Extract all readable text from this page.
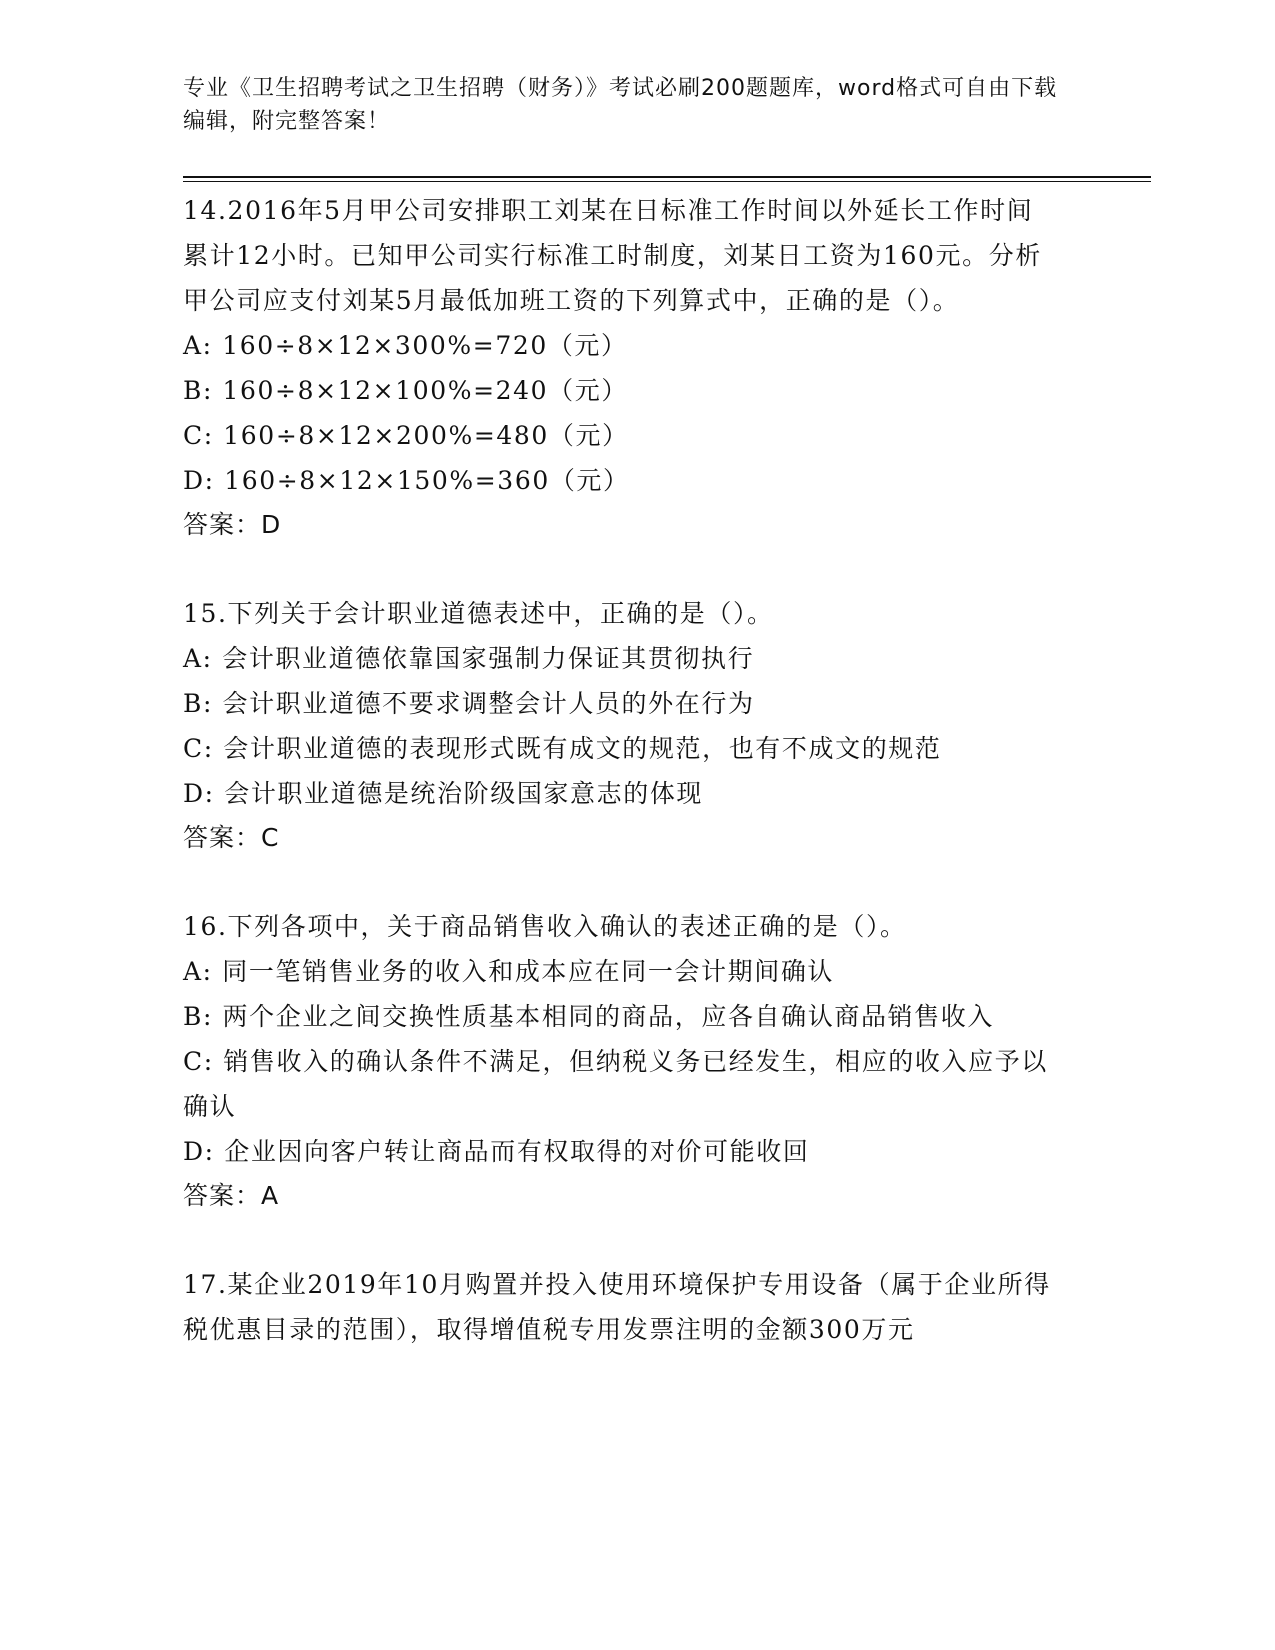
专业《卫生招聘考试之卫生招聘（财务）》考试必刷200题题库，word格式可自由下载编辑，附完整答案！
14.2016年5月甲公司安排职工刘某在日标准工作时间以外延长工作时间累计12小时。已知甲公司实行标准工时制度，刘某日工资为160元。分析甲公司应支付刘某5月最低加班工资的下列算式中，正确的是（）。
A: 160÷8×12×300%=720（元）
B: 160÷8×12×100%=240（元）
C: 160÷8×12×200%=480（元）
D: 160÷8×12×150%=360（元）
答案：D
15.下列关于会计职业道德表述中，正确的是（）。
A: 会计职业道德依靠国家强制力保证其贯彻执行
B: 会计职业道德不要求调整会计人员的外在行为
C: 会计职业道德的表现形式既有成文的规范，也有不成文的规范
D: 会计职业道德是统治阶级国家意志的体现
答案：C
16.下列各项中，关于商品销售收入确认的表述正确的是（）。
A: 同一笔销售业务的收入和成本应在同一会计期间确认
B: 两个企业之间交换性质基本相同的商品，应各自确认商品销售收入
C: 销售收入的确认条件不满足，但纳税义务已经发生，相应的收入应予以确认
D: 企业因向客户转让商品而有权取得的对价可能收回
答案：A
17.某企业2019年10月购置并投入使用环境保护专用设备（属于企业所得税优惠目录的范围），取得增值税专用发票注明的金额300万元
